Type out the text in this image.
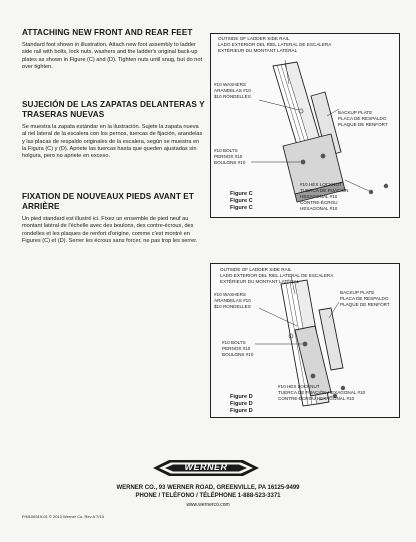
ATTACHING NEW FRONT AND REAR FEET
Standard foot shown in illustration. Attach new foot assembly to ladder side rail with bolts, lock nuts, washers and the ladder's original back-up plates as shown in Figure (C) and (D). Tighten nuts until snug, but do not over tighten.
SUJECIÓN DE LAS ZAPATAS DELANTERAS Y
TRASERAS NUEVAS
Se muestra la zapata estándar en la ilustración. Sujete la zapata nueva al riel lateral de la escalera con los pernos, tuercas de fijación, arandelas y las placas de respaldo originales de la escalera, según se muestra en la Figura (C) y (D). Apriete las tuercas hasta que queden ajustadas sin holgura, pero no apriete en exceso.
FIXATION DE NOUVEAUX PIEDS AVANT ET
ARRIÈRE
Un pied standard est illustré ici. Fixez un ensemble de pied neuf au montant latéral de l'échelle avec des boulons, des contre-écrous, des rondelles et les plaques de renfort d'origine, comme c'est montré en Figures (C) et (D). Serrer les écrous sans forcer, ne pas trop les serrer.
OUTSIDE OF LADDER SIDE RAIL
LADO EXTERIOR DEL RIEL LATERAL DE ESCALERA
EXTÉRIEUR DU MONTANT LATÉRAL
#10 WASHERS
ARANDELAS #10
$10 RONDELLES
BACKUP PLATE
PLACA DE RESPALDO
PLAQUE DE RENFORT
#10 BOLTS
PERNOS #10
BOULONS #10
#10 HEX LOCKNUT
TUERCA DE FIJACIÓN
HEXAGONAL #10
CONTRE-ÉCROU
HEXAGONAL #10
Figure C
Figure C
Figure C
OUTSIDE OF LADDER SIDE RAIL
LADO EXTERIOR DEL RIEL LATERAL DE ESCALERA
EXTÉRIEUR DU MONTANT LATÉRAL
#10 WASHERS
ARANDELAS #10
$10 RONDELLES
BACKUP PLATE
PLACA DE RESPALDO
PLAQUE DE RENFORT
#10 BOLTS
PERNOS #10
BOULONS #10
#10 HEX LOCKNUT
TUERCA DE FIJACIÓN HEXAGONAL #10
CONTRE-ÉCROU HEXAGONAL #10
Figure D
Figure D
Figure D
WERNER
WERNER CO., 93 WERNER ROAD, GREENVILLE, PA 16125-9499
PHONE / TELÉFONO / TÉLÉPHONE 1-888-523-3371
www.wernerco.com
P/N106319-01 © 2013 Werner Co. Rev A 7/13
